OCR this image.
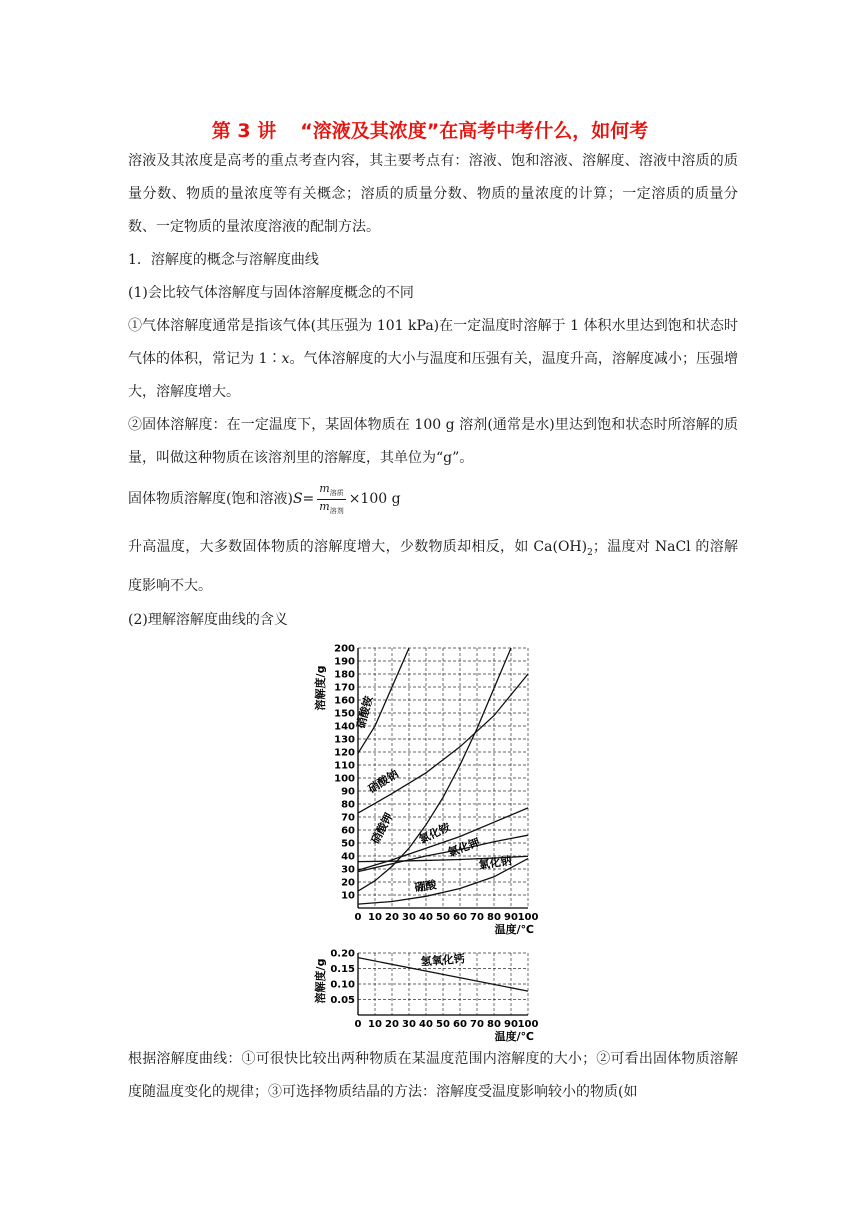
第 3 讲 “溶液及其浓度”在高考中考什么，如何考

溶液及其浓度是高考的重点考查内容，其主要考点有：溶液、饱和溶液、溶解度、溶液中溶质的质量分数、物质的量浓度等有关概念；溶质的质量分数、物质的量浓度的计算；一定溶质的质量分数、一定物质的量浓度溶液的配制方法。

1．溶解度的概念与溶解度曲线

(1)会比较气体溶解度与固体溶解度概念的不同

①气体溶解度通常是指该气体(其压强为 101 kPa)在一定温度时溶解于 1 体积水里达到饱和状态时气体的体积，常记为 1∶x。气体溶解度的大小与温度和压强有关，温度升高，溶解度减小；压强增大，溶解度增大。

②固体溶解度：在一定温度下，某固体物质在 100 g 溶剂(通常是水)里达到饱和状态时所溶解的质量，叫做这种物质在该溶剂里的溶解度，其单位为“g”。

固体物质溶解度(饱和溶液)$S= \frac{m_{溶质}}{m_{溶剂}} \times 100$ g

升高温度，大多数固体物质的溶解度增大，少数物质却相反，如 $Ca(OH)_2$；温度对 NaCl 的溶解度影响不大。

(2)理解溶解度曲线的含义

10
20
30
40
50
60
70
80
90
100
110
120
130
140
150
160
170
180
190
200
0 10 20 30 40 50 60 70 80 90 100
溶解度/g
温度/℃
硝酸铵
硝酸钠
硝酸钾 氯化铵
氯化钾
氯化钠
硼酸
0.05
0.10
0.15
0.20
0 10 20 30 40 50 60 70 80 90 100
溶解度/g
温度/℃
氢氧化钙

根据溶解度曲线：①可很快比较出两种物质在某温度范围内溶解度的大小；②可看出固体物质溶解度随温度变化的规律；③可选择物质结晶的方法：溶解度受温度影响较小的物质(如
